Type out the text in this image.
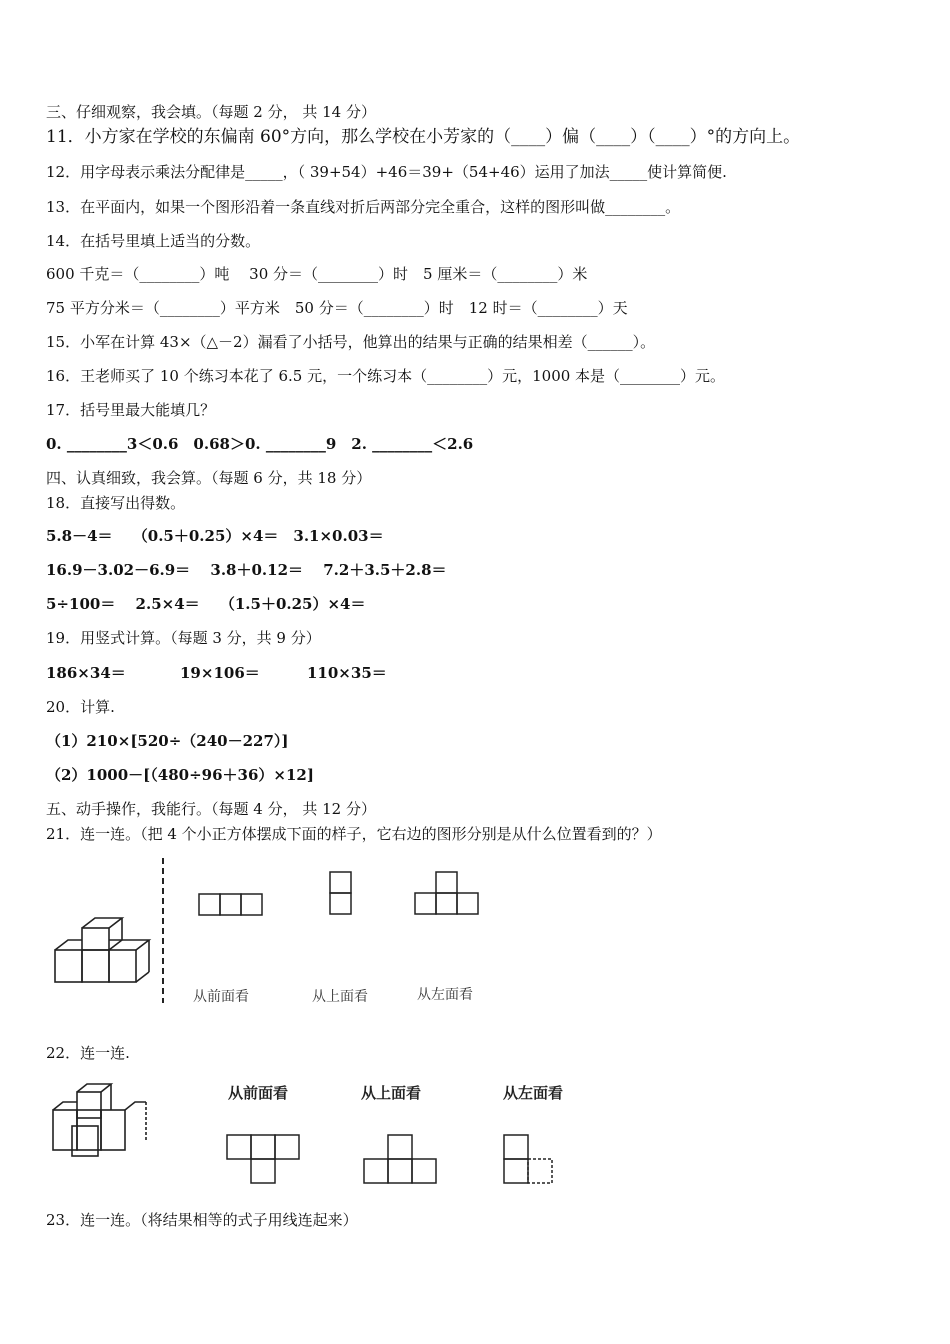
三、仔细观察，我会填。（每题 2 分， 共 14 分）
11．小方家在学校的东偏南 60°方向，那么学校在小芳家的（____）偏（____）（____）°的方向上。
12．用字母表示乘法分配律是_____，（ 39+54）+46＝39+（54+46）运用了加法_____使计算简便.
13．在平面内，如果一个图形沿着一条直线对折后两部分完全重合，这样的图形叫做________。
14．在括号里填上适当的分数。
600 千克＝（________）吨　 30 分＝（________）时　5 厘米＝（________）米
75 平方分米＝（________）平方米　50 分＝（________）时　12 时＝（________）天
15．小军在计算 43×（△－2）漏看了小括号，他算出的结果与正确的结果相差（______）。
16．王老师买了 10 个练习本花了 6.5 元，一个练习本（________）元，1000 本是（________）元。
17．括号里最大能填几？
0. ________3＜0.6　0.68＞0. ________9　2. ________＜2.6
四、认真细致，我会算。（每题 6 分，共 18 分）
18．直接写出得数。
5.8－4＝　 （0.5＋0.25）×4＝　3.1×0.03＝
16.9－3.02－6.9＝　 3.8＋0.12＝　 7.2＋3.5＋2.8＝
5÷100＝　 2.5×4＝　 （1.5＋0.25）×4＝
19．用竖式计算。（每题 3 分，共 9 分）
186×34＝	19×106＝	110×35＝
20．计算.
（1）210×[520÷（240－227）]
（2）1000－[（480÷96＋36）×12]
五、动手操作，我能行。（每题 4 分， 共 12 分）
21．连一连。（把 4 个小正方体摆成下面的样子，它右边的图形分别是从什么位置看到的？）
从前面看	从上面看	从左面看
22．连一连.
从前面看	从上面看	从左面看
23．连一连。（将结果相等的式子用线连起来）
